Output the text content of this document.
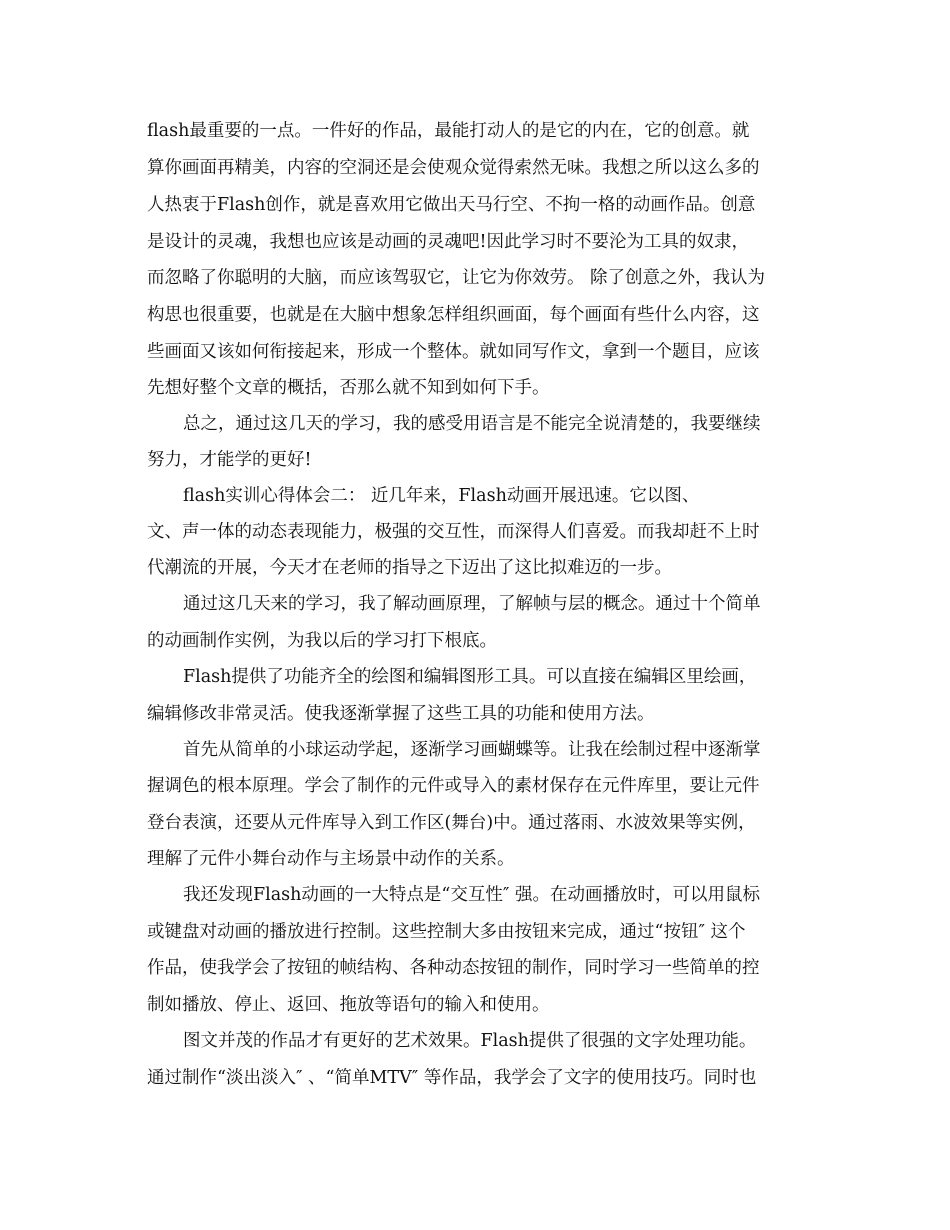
flash最重要的一点。一件好的作品，最能打动人的是它的内在，它的创意。就

算你画面再精美，内容的空洞还是会使观众觉得索然无味。我想之所以这么多的

人热衷于Flash创作，就是喜欢用它做出天马行空、不拘一格的动画作品。创意

是设计的灵魂，我想也应该是动画的灵魂吧!因此学习时不要沦为工具的奴隶，

而忽略了你聪明的大脑，而应该驾驭它，让它为你效劳。 除了创意之外，我认为

构思也很重要，也就是在大脑中想象怎样组织画面，每个画面有些什么内容，这

些画面又该如何衔接起来，形成一个整体。就如同写作文，拿到一个题目，应该

先想好整个文章的概括，否那么就不知到如何下手。

总之，通过这几天的学习，我的感受用语言是不能完全说清楚的，我要继续

努力，才能学的更好!

flash实训心得体会二： 近几年来，Flash动画开展迅速。它以图、

文、声一体的动态表现能力，极强的交互性，而深得人们喜爱。而我却赶不上时

代潮流的开展，今天才在老师的指导之下迈出了这比拟难迈的一步。

通过这几天来的学习，我了解动画原理，了解帧与层的概念。通过十个简单

的动画制作实例，为我以后的学习打下根底。

Flash提供了功能齐全的绘图和编辑图形工具。可以直接在编辑区里绘画，

编辑修改非常灵活。使我逐渐掌握了这些工具的功能和使用方法。

首先从简单的小球运动学起，逐渐学习画蝴蝶等。让我在绘制过程中逐渐掌

握调色的根本原理。学会了制作的元件或导入的素材保存在元件库里，要让元件

登台表演，还要从元件库导入到工作区(舞台)中。通过落雨、水波效果等实例，

理解了元件小舞台动作与主场景中动作的关系。

我还发现Flash动画的一大特点是“交互性″ 强。在动画播放时，可以用鼠标

或键盘对动画的播放进行控制。这些控制大多由按钮来完成，通过“按钮″ 这个

作品，使我学会了按钮的帧结构、各种动态按钮的制作，同时学习一些简单的控

制如播放、停止、返回、拖放等语句的输入和使用。

图文并茂的作品才有更好的艺术效果。Flash提供了很强的文字处理功能。

通过制作“淡出淡入″ 、“简单MTV″ 等作品，我学会了文字的使用技巧。同时也
